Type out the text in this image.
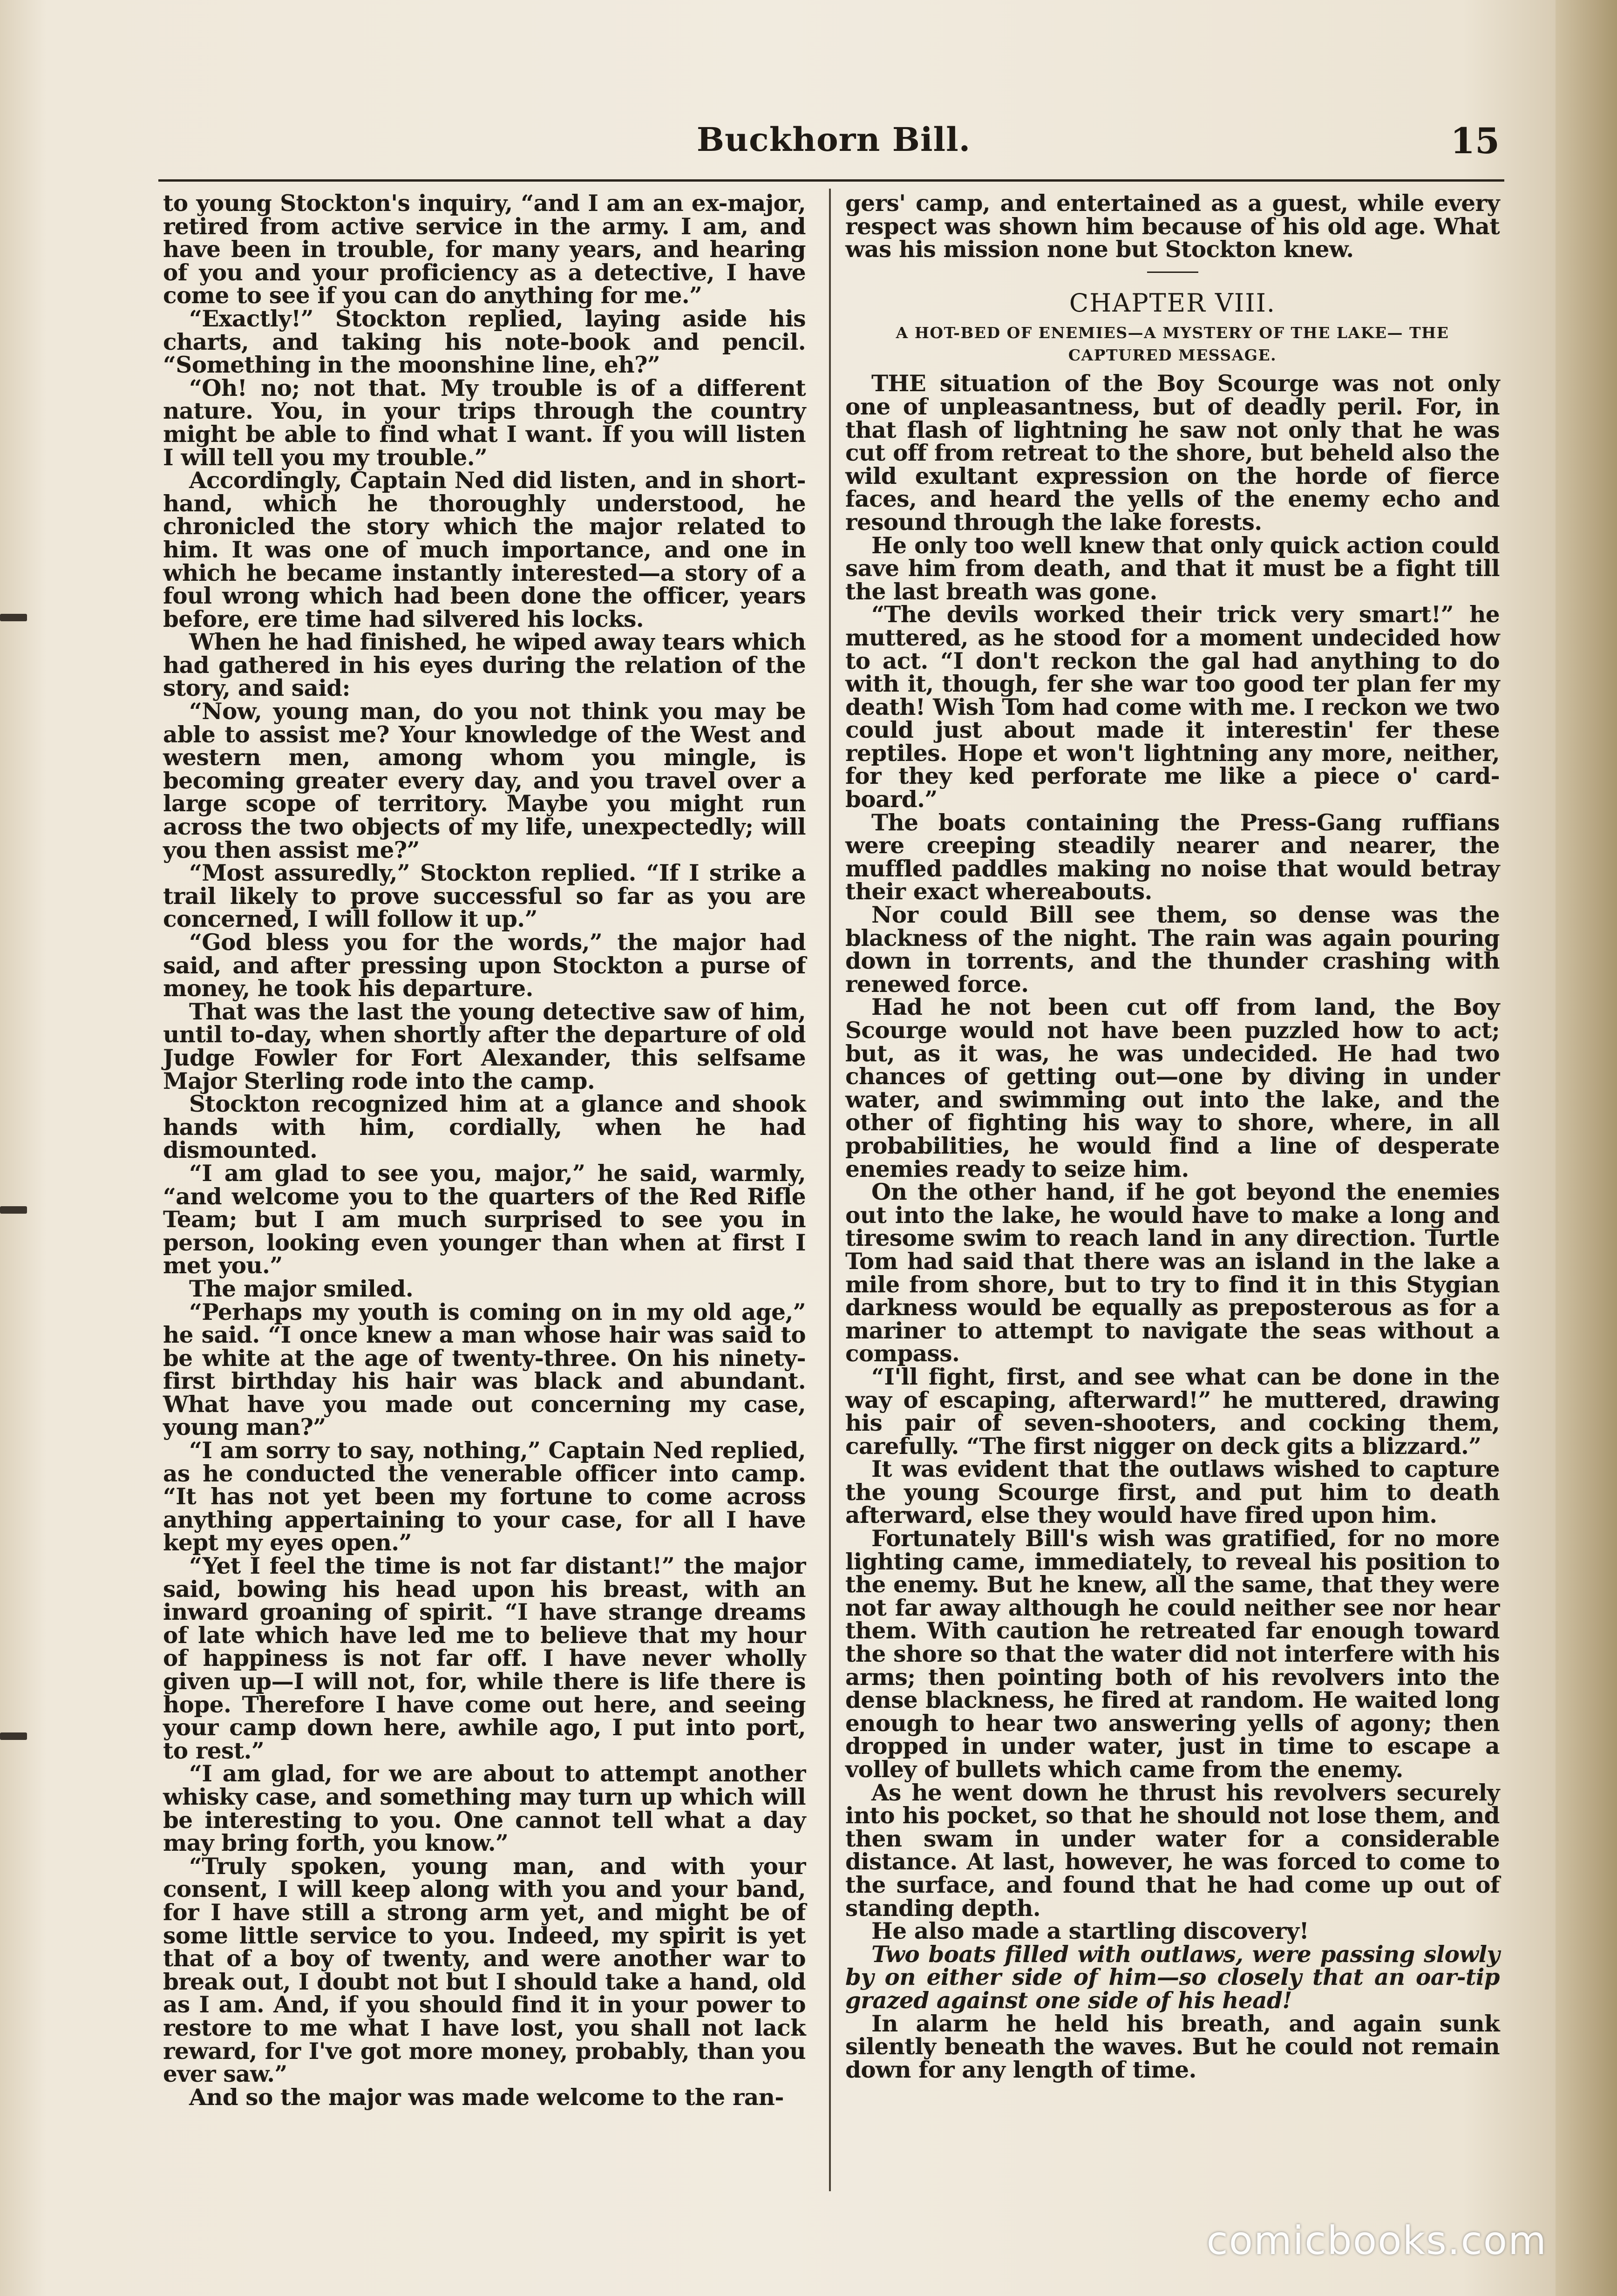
Buckhorn Bill.	15

to young Stockton's inquiry, “and I am an ex-major, retired from active service in the army. I am, and have been in trouble, for many years, and hearing of you and your proficiency as a detective, I have come to see if you can do anything for me.”

“Exactly!” Stockton replied, laying aside his charts, and taking his note-book and pencil. “Something in the moonshine line, eh?”

“Oh! no; not that. My trouble is of a different nature. You, in your trips through the country might be able to find what I want. If you will listen I will tell you my trouble.”

Accordingly, Captain Ned did listen, and in short-hand, which he thoroughly understood, he chronicled the story which the major related to him. It was one of much importance, and one in which he became instantly interested—a story of a foul wrong which had been done the officer, years before, ere time had silvered his locks.

When he had finished, he wiped away tears which had gathered in his eyes during the relation of the story, and said:

“Now, young man, do you not think you may be able to assist me? Your knowledge of the West and western men, among whom you mingle, is becoming greater every day, and you travel over a large scope of territory. Maybe you might run across the two objects of my life, unexpectedly; will you then assist me?”

“Most assuredly,” Stockton replied. “If I strike a trail likely to prove successful so far as you are concerned, I will follow it up.”

“God bless you for the words,” the major had said, and after pressing upon Stockton a purse of money, he took his departure.

That was the last the young detective saw of him, until to-day, when shortly after the departure of old Judge Fowler for Fort Alexander, this selfsame Major Sterling rode into the camp.

Stockton recognized him at a glance and shook hands with him, cordially, when he had dismounted.

“I am glad to see you, major,” he said, warmly, “and welcome you to the quarters of the Red Rifle Team; but I am much surprised to see you in person, looking even younger than when at first I met you.”

The major smiled.

“Perhaps my youth is coming on in my old age,” he said. “I once knew a man whose hair was said to be white at the age of twenty-three. On his ninety-first birthday his hair was black and abundant. What have you made out concerning my case, young man?”

“I am sorry to say, nothing,” Captain Ned replied, as he conducted the venerable officer into camp. “It has not yet been my fortune to come across anything appertaining to your case, for all I have kept my eyes open.”

“Yet I feel the time is not far distant!” the major said, bowing his head upon his breast, with an inward groaning of spirit. “I have strange dreams of late which have led me to believe that my hour of happiness is not far off. I have never wholly given up—I will not, for, while there is life there is hope. Therefore I have come out here, and seeing your camp down here, awhile ago, I put into port, to rest.”

“I am glad, for we are about to attempt another whisky case, and something may turn up which will be interesting to you. One cannot tell what a day may bring forth, you know.”

“Truly spoken, young man, and with your consent, I will keep along with you and your band, for I have still a strong arm yet, and might be of some little service to you. Indeed, my spirit is yet that of a boy of twenty, and were another war to break out, I doubt not but I should take a hand, old as I am. And, if you should find it in your power to restore to me what I have lost, you shall not lack reward, for I've got more money, probably, than you ever saw.”

And so the major was made welcome to the ran-

gers' camp, and entertained as a guest, while every respect was shown him because of his old age. What was his mission none but Stockton knew.

CHAPTER VIII.
A HOT-BED OF ENEMIES—A MYSTERY OF THE LAKE— THE CAPTURED MESSAGE.

THE situation of the Boy Scourge was not only one of unpleasantness, but of deadly peril. For, in that flash of lightning he saw not only that he was cut off from retreat to the shore, but beheld also the wild exultant expression on the horde of fierce faces, and heard the yells of the enemy echo and resound through the lake forests.

He only too well knew that only quick action could save him from death, and that it must be a fight till the last breath was gone.

“The devils worked their trick very smart!” he muttered, as he stood for a moment undecided how to act. “I don't reckon the gal had anything to do with it, though, fer she war too good ter plan fer my death! Wish Tom had come with me. I reckon we two could just about made it interestin' fer these reptiles. Hope et won't lightning any more, neither, for they ked perforate me like a piece o' card-board.”

The boats containing the Press-Gang ruffians were creeping steadily nearer and nearer, the muffled paddles making no noise that would betray their exact whereabouts.

Nor could Bill see them, so dense was the blackness of the night. The rain was again pouring down in torrents, and the thunder crashing with renewed force.

Had he not been cut off from land, the Boy Scourge would not have been puzzled how to act; but, as it was, he was undecided. He had two chances of getting out—one by diving in under water, and swimming out into the lake, and the other of fighting his way to shore, where, in all probabilities, he would find a line of desperate enemies ready to seize him.

On the other hand, if he got beyond the enemies out into the lake, he would have to make a long and tiresome swim to reach land in any direction. Turtle Tom had said that there was an island in the lake a mile from shore, but to try to find it in this Stygian darkness would be equally as preposterous as for a mariner to attempt to navigate the seas without a compass.

“I'll fight, first, and see what can be done in the way of escaping, afterward!” he muttered, drawing his pair of seven-shooters, and cocking them, carefully. “The first nigger on deck gits a blizzard.”

It was evident that the outlaws wished to capture the young Scourge first, and put him to death afterward, else they would have fired upon him.

Fortunately Bill's wish was gratified, for no more lighting came, immediately, to reveal his position to the enemy. But he knew, all the same, that they were not far away although he could neither see nor hear them. With caution he retreated far enough toward the shore so that the water did not interfere with his arms; then pointing both of his revolvers into the dense blackness, he fired at random. He waited long enough to hear two answering yells of agony; then dropped in under water, just in time to escape a volley of bullets which came from the enemy.

As he went down he thrust his revolvers securely into his pocket, so that he should not lose them, and then swam in under water for a considerable distance. At last, however, he was forced to come to the surface, and found that he had come up out of standing depth.

He also made a startling discovery!

Two boats filled with outlaws, were passing slowly by on either side of him—so closely that an oar-tip grazed against one side of his head!

In alarm he held his breath, and again sunk silently beneath the waves. But he could not remain down for any length of time.

comicbooks.com
